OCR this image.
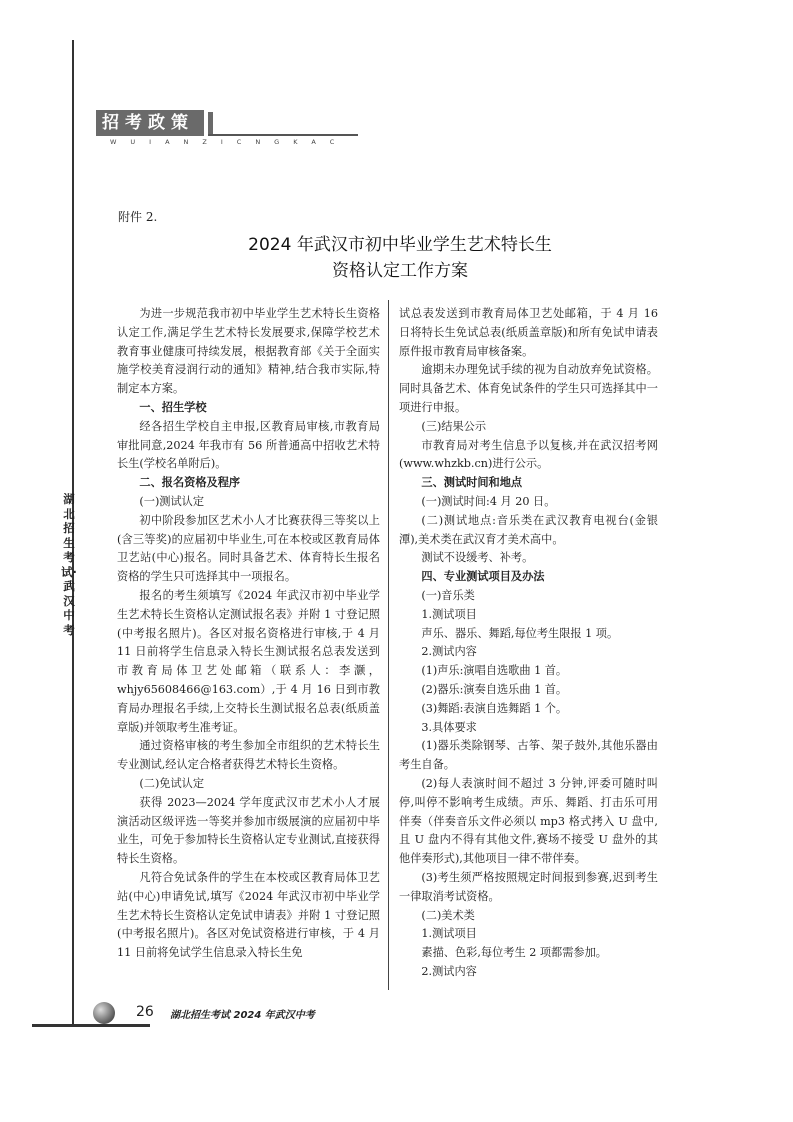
招考政策
WUIANZICNGKAC
湖北招生考试·武汉中考
附件 2.
2024 年武汉市初中毕业学生艺术特长生
资格认定工作方案

为进一步规范我市初中毕业学生艺术特长生资格认定工作,满足学生艺术特长发展要求,保障学校艺术教育事业健康可持续发展，根据教育部《关于全面实施学校美育浸润行动的通知》精神,结合我市实际,特制定本方案。

一、招生学校

经各招生学校自主申报,区教育局审核,市教育局审批同意,2024 年我市有 56 所普通高中招收艺术特长生(学校名单附后)。

二、报名资格及程序

(一)测试认定

初中阶段参加区艺术小人才比赛获得三等奖以上(含三等奖)的应届初中毕业生,可在本校或区教育局体卫艺站(中心)报名。同时具备艺术、体育特长生报名资格的学生只可选择其中一项报名。

报名的考生须填写《2024 年武汉市初中毕业学生艺术特长生资格认定测试报名表》并附 1 寸登记照(中考报名照片)。各区对报名资格进行审核,于 4 月 11 日前将学生信息录入特长生测试报名总表发送到市教育局体卫艺处邮箱（联系人：李灏，whjy65608466@163.com）,于 4 月 16 日到市教育局办理报名手续,上交特长生测试报名总表(纸质盖章版)并领取考生准考证。

通过资格审核的考生参加全市组织的艺术特长生专业测试,经认定合格者获得艺术特长生资格。

(二)免试认定

获得 2023—2024 学年度武汉市艺术小人才展演活动区级评选一等奖并参加市级展演的应届初中毕业生，可免于参加特长生资格认定专业测试,直接获得特长生资格。

凡符合免试条件的学生在本校或区教育局体卫艺站(中心)申请免试,填写《2024 年武汉市初中毕业学生艺术特长生资格认定免试申请表》并附 1 寸登记照(中考报名照片)。各区对免试资格进行审核，于 4 月 11 日前将免试学生信息录入特长生免

试总表发送到市教育局体卫艺处邮箱，于 4 月 16 日将特长生免试总表(纸质盖章版)和所有免试申请表原件报市教育局审核备案。

逾期未办理免试手续的视为自动放弃免试资格。同时具备艺术、体育免试条件的学生只可选择其中一项进行申报。

(三)结果公示

市教育局对考生信息予以复核,并在武汉招考网(www.whzkb.cn)进行公示。

三、测试时间和地点

(一)测试时间:4 月 20 日。

(二)测试地点:音乐类在武汉教育电视台(金银潭),美术类在武汉育才美术高中。

测试不设缓考、补考。

四、专业测试项目及办法

(一)音乐类

1.测试项目

声乐、器乐、舞蹈,每位考生限报 1 项。

2.测试内容

(1)声乐:演唱自选歌曲 1 首。

(2)器乐:演奏自选乐曲 1 首。

(3)舞蹈:表演自选舞蹈 1 个。

3.具体要求

(1)器乐类除钢琴、古筝、架子鼓外,其他乐器由考生自备。

(2)每人表演时间不超过 3 分钟,评委可随时叫停,叫停不影响考生成绩。声乐、舞蹈、打击乐可用伴奏（伴奏音乐文件必须以 mp3 格式拷入 U 盘中,且 U 盘内不得有其他文件,赛场不接受 U 盘外的其他伴奏形式),其他项目一律不带伴奏。

(3)考生须严格按照规定时间报到参赛,迟到考生一律取消考试资格。

(二)美术类

1.测试项目

素描、色彩,每位考生 2 项都需参加。

2.测试内容

26 湖北招生考试 2024 年武汉中考
